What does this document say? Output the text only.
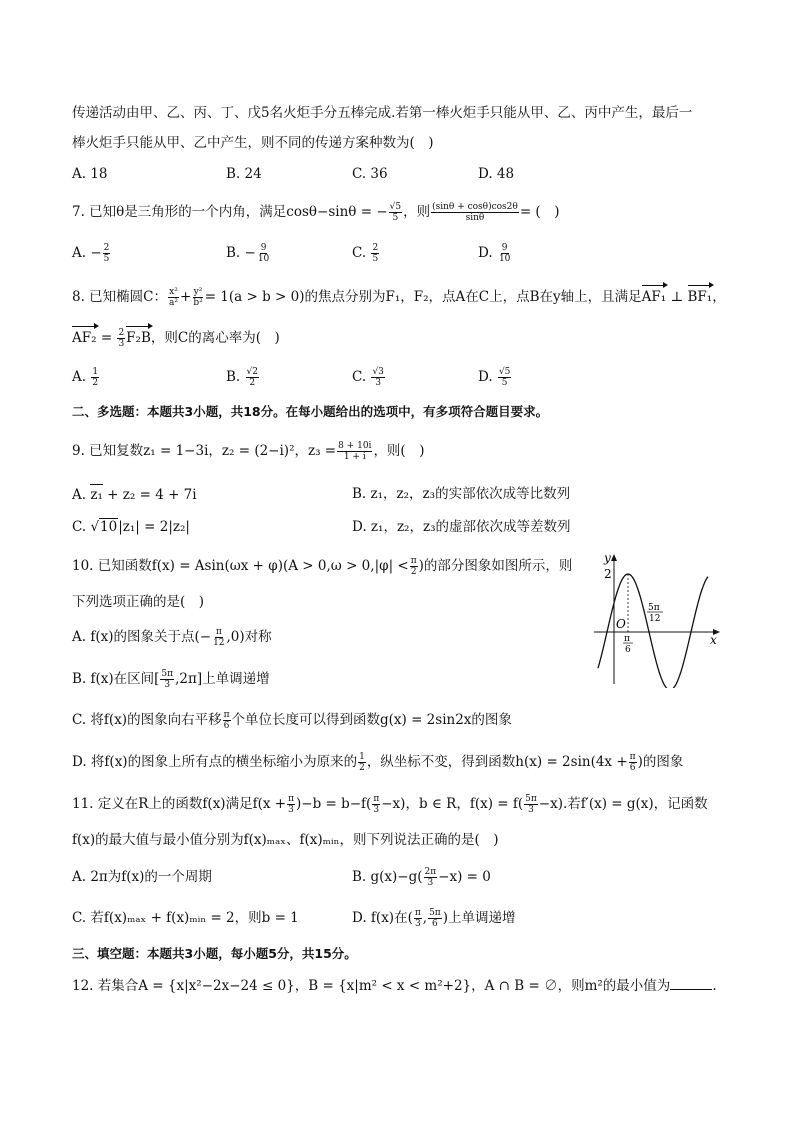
传递活动由甲、乙、丙、丁、戊5名火炬手分五棒完成.若第一棒火炬手只能从甲、乙、丙中产生，最后一
棒火炬手只能从甲、乙中产生，则不同的传递方案种数为(　)
A. 18	B. 24	C. 36	D. 48
7. 已知θ是三角形的一个内角，满足cosθ−sinθ = − $\frac{√5}{5}$ ，则 $\frac{(\sin\theta + \cos\theta)\cos 2\theta}{\sin\theta}$ = (　)
A. − $\frac{2}{5}$	B. − $\frac{9}{10}$	C. $\frac{2}{5}$	D. $\frac{9}{10}$
8. 已知椭圆C： $\frac{\text{x²}}{\text{a²}} + \frac{\text{y²}}{\text{b²}} = 1(a > b > 0)$的焦点分别为F₁，F₂，点A在C上，点B在y轴上，且满足AF₁ ⊥ BF₁，
$AF_2 = \frac{2}{3} F_2B$，则C的离心率为(　)
A. $\frac{1}{2}$	B. $\frac{√2}{2}$	C. $\frac{√3}{3}$	D. $\frac{√5}{5}$
二、多选题：本题共3小题，共18分。在每小题给出的选项中，有多项符合题目要求。
9. 已知复数z₁ = 1−3i，z₂ = (2−i)²，$z_3 = \frac{8 + 10i}{1 + i}$ ，则(　)
A. z₁ + z₂ = 4 + 7i	B. z₁，z₂，z₃的实部依次成等比数列
C. √10|z₁| = 2|z₂|	D. z₁，z₂，z₃的虚部依次成等差数列
10. 已知函数$f(x) = Asin(\omega x + \varphi)(A > 0,\omega > 0,|\varphi| < \frac{\pi}{2}$ )的部分图象如图所示，则
下列选项正确的是(　)
A. f(x)的图象关于点(− $\frac{\pi}{12} ,0$)对称
B. f(x)在区间[ $\frac{5\pi}{3} ,2\pi$]上单调递增
C. 将f(x)的图象向右平移 $\frac{\pi}{6}$ 个单位长度可以得到函数g(x) = 2sin2x的图象
D. 将f(x)的图象上所有点的横坐标缩小为原来的 $\frac{1}{2}$ ，纵坐标不变，得到函数$h(x) = 2\sin(4x + \frac{\pi}{6}$ )的图象
y
x
O
2
π
6
5π
12
11. 定义在R上的函数f(x)满足$f(x + \frac{\pi}{3} )-b = b-f( \frac{\pi}{3} -x)$，b ∈ R，$f(x) = f( \frac{5\pi}{3} -x)$.若f′(x) = g(x)，记函数
f(x)的最大值与最小值分别为f(x)ₘₐₓ、f(x)ₘᵢₙ，则下列说法正确的是(　)
A. 2π为f(x)的一个周期	B. $g(x)-g( \frac{2\pi}{3} -x) = 0$
C. 若f(x)ₘₐₓ + f(x)ₘᵢₙ = 2，则b = 1	D. f(x)在( $\frac{\pi}{3}$ , $\frac{5\pi}{6}$ )上单调递增
三、填空题：本题共3小题，每小题5分，共15分。
12. 若集合A = {x|x²−2x−24 ≤ 0}，B = {x|m² < x < m²+2}，A ∩ B = ∅，则m²的最小值为	.
